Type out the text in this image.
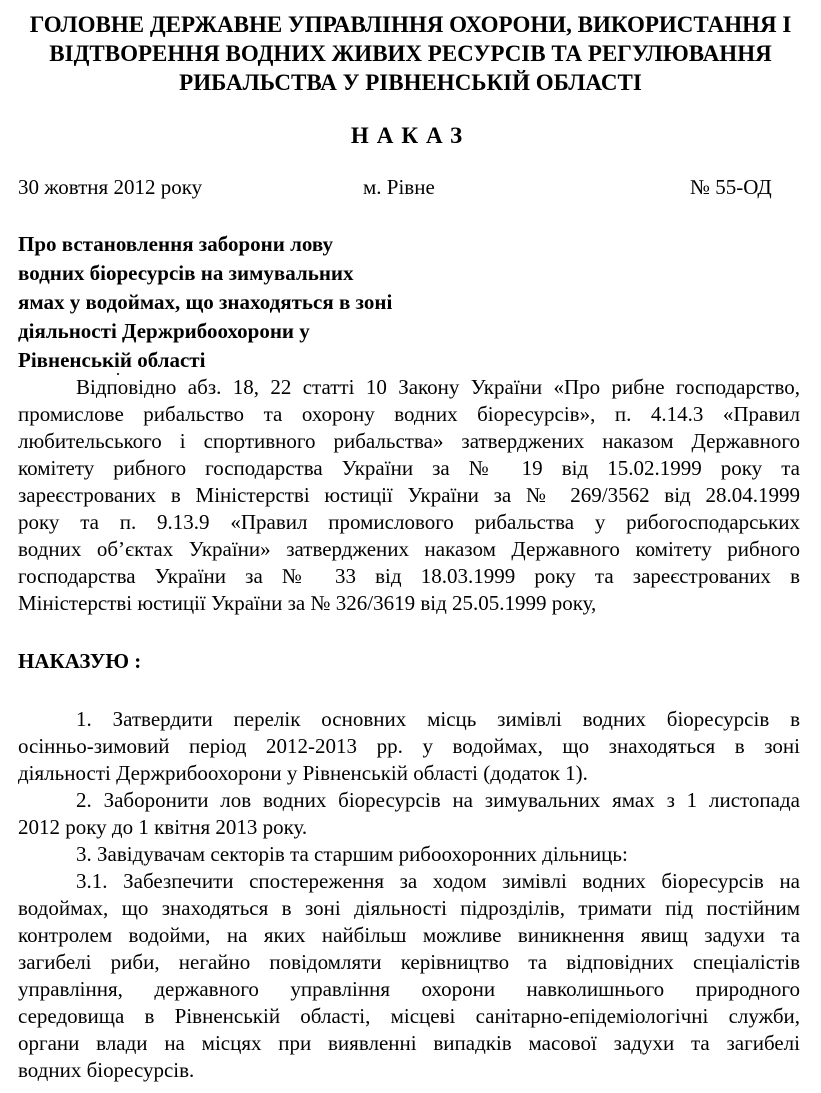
ГОЛОВНЕ ДЕРЖАВНЕ УПРАВЛІННЯ ОХОРОНИ, ВИКОРИСТАННЯ І
ВІДТВОРЕННЯ ВОДНИХ ЖИВИХ РЕСУРСІВ ТА РЕГУЛЮВАННЯ
РИБАЛЬСТВА У РІВНЕНСЬКІЙ ОБЛАСТІ
НАКАЗ
30 жовтня 2012 року	м. Рівне	№ 55-ОД
Про встановлення заборони лову
водних біоресурсів на зимувальних
ямах у водоймах, що знаходяться в зоні
діяльності Держрибоохорони у
Рівненській області
Відповідно абз. 18, 22 статті 10 Закону України «Про рибне господарство,
промислове рибальство та охорону водних біоресурсів», п. 4.14.3 «Правил
любительського і спортивного рибальства» затверджених наказом Державного
комітету рибного господарства України за № 19 від 15.02.1999 року та
зареєстрованих в Міністерстві юстиції України за № 269/3562 від 28.04.1999
року та п. 9.13.9 «Правил промислового рибальства у рибогосподарських
водних об’єктах України» затверджених наказом Державного комітету рибного
господарства України за № 33 від 18.03.1999 року та зареєстрованих в
Міністерстві юстиції України за № 326/3619 від 25.05.1999 року,
НАКАЗУЮ :
1. Затвердити перелік основних місць зимівлі водних біоресурсів в
осінньо-зимовий період 2012-2013 рр. у водоймах, що знаходяться в зоні
діяльності Держрибоохорони у Рівненській області (додаток 1).
2. Заборонити лов водних біоресурсів на зимувальних ямах з 1 листопада
2012 року до 1 квітня 2013 року.
3. Завідувачам секторів та старшим рибоохоронних дільниць:
3.1. Забезпечити спостереження за ходом зимівлі водних біоресурсів на
водоймах, що знаходяться в зоні діяльності підрозділів, тримати під постійним
контролем водойми, на яких найбільш можливе виникнення явищ задухи та
загибелі риби, негайно повідомляти керівництво та відповідних спеціалістів
управління, державного управління охорони навколишнього природного
середовища в Рівненській області, місцеві санітарно-епідеміологічні служби,
органи влади на місцях при виявленні випадків масової задухи та загибелі
водних біоресурсів.
